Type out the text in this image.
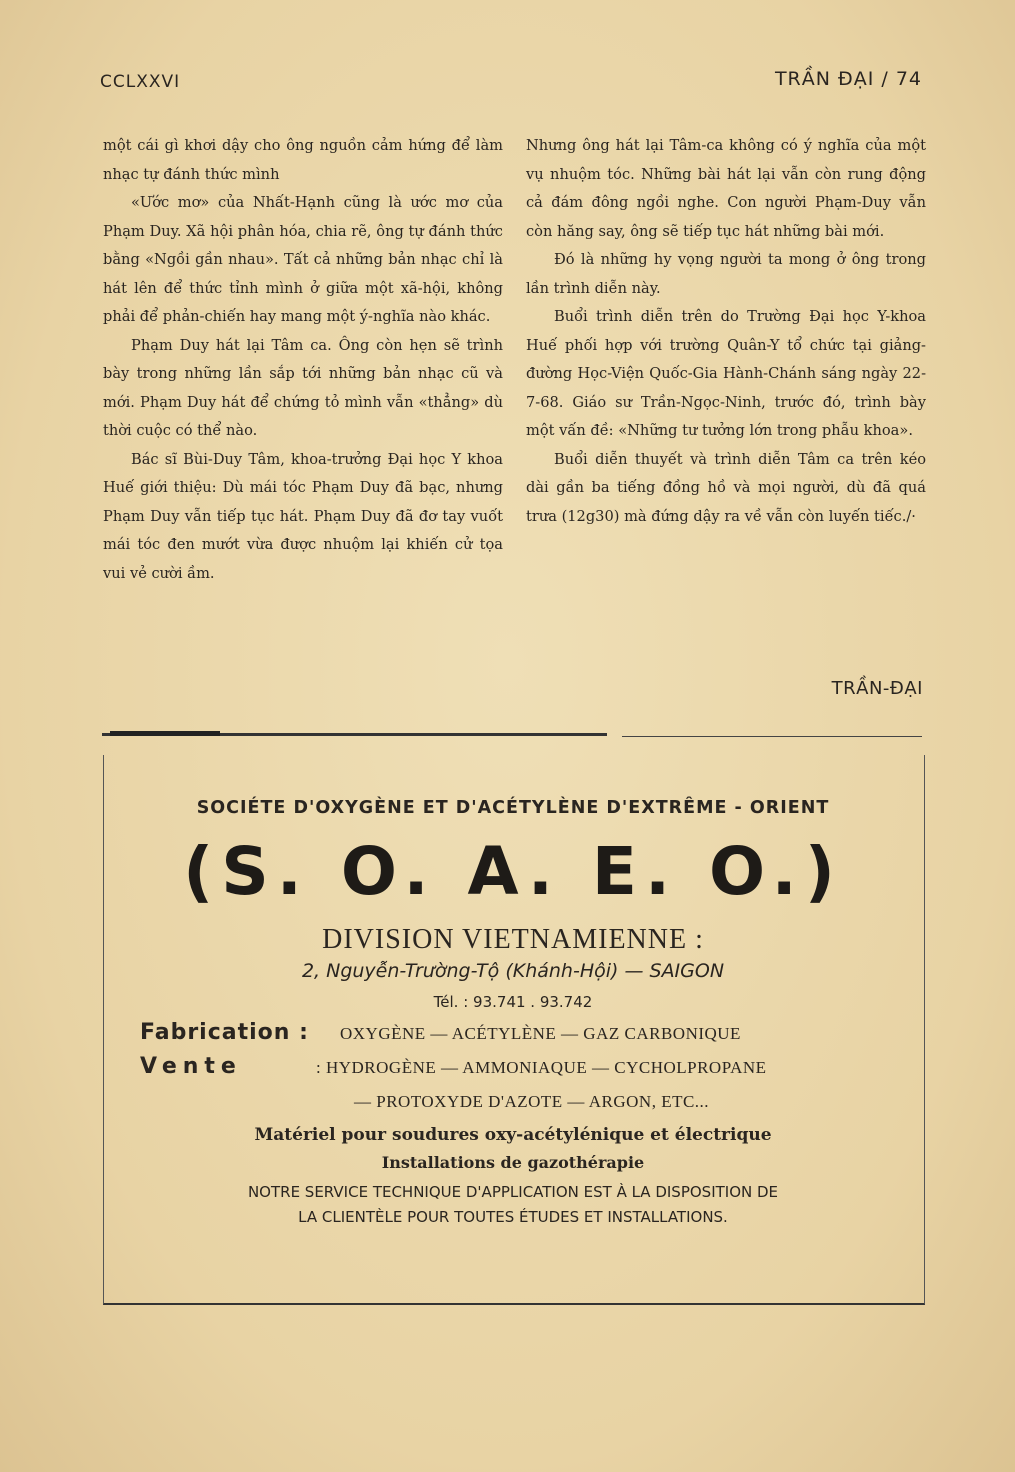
CCLXXVI	TRẦN ĐẠI / 74

một cái gì khơi dậy cho ông nguồn cảm hứng để làm nhạc tự đánh thức mình

«Ước mơ» của Nhất-Hạnh cũng là ước mơ của Phạm Duy. Xã hội phân hóa, chia rẽ, ông tự đánh thức bằng «Ngồi gần nhau». Tất cả những bản nhạc chỉ là hát lên để thức tỉnh mình ở giữa một xã-hội, không phải để phản-chiến hay mang một ý-nghĩa nào khác.

Phạm Duy hát lại Tâm ca. Ông còn hẹn sẽ trình bày trong những lần sắp tới những bản nhạc cũ và mới. Phạm Duy hát để chứng tỏ mình vẫn «thẳng» dù thời cuộc có thể nào.

Bác sĩ Bùi-Duy Tâm, khoa-trưởng Đại học Y khoa Huế giới thiệu: Dù mái tóc Phạm Duy đã bạc, nhưng Phạm Duy vẫn tiếp tục hát. Phạm Duy đã đơ tay vuốt mái tóc đen mướt vừa được nhuộm lại khiến cử tọa vui vẻ cười ầm.

Nhưng ông hát lại Tâm-ca không có ý nghĩa của một vụ nhuộm tóc. Những bài hát lại vẫn còn rung động cả đám đông ngồi nghe. Con người Phạm-Duy vẫn còn hăng say, ông sẽ tiếp tục hát những bài mới.

Đó là những hy vọng người ta mong ở ông trong lần trình diễn này.

Buổi trình diễn trên do Trường Đại học Y-khoa Huế phối hợp với trường Quân-Y tổ chức tại giảng-đường Học-Viện Quốc-Gia Hành-Chánh sáng ngày 22-7-68. Giáo sư Trần-Ngọc-Ninh, trước đó, trình bày một vấn đề: «Những tư tưởng lớn trong phẫu khoa».

Buổi diễn thuyết và trình diễn Tâm ca trên kéo dài gần ba tiếng đồng hồ và mọi người, dù đã quá trưa (12g30) mà đứng dậy ra về vẫn còn luyến tiếc./·

TRẦN-ĐẠI
SOCIÉTE D'OXYGÈNE ET D'ACÉTYLÈNE D'EXTRÊME - ORIENT
(S. O. A. E. O.)
DIVISION VIETNAMIENNE :
2, Nguyễn-Trường-Tộ (Khánh-Hội) — SAIGON
Tél. : 93.741 . 93.742
Fabrication : OXYGÈNE — ACÉTYLÈNE — GAZ CARBONIQUE
Vente	: HYDROGÈNE — AMMONIAQUE — CYCHOLPROPANE
— PROTOXYDE D'AZOTE — ARGON, ETC...
Matériel pour soudures oxy-acétylénique et électrique
Installations de gazothérapie
NOTRE SERVICE TECHNIQUE D'APPLICATION EST À LA DISPOSITION DE
LA CLIENTÈLE POUR TOUTES ÉTUDES ET INSTALLATIONS.
